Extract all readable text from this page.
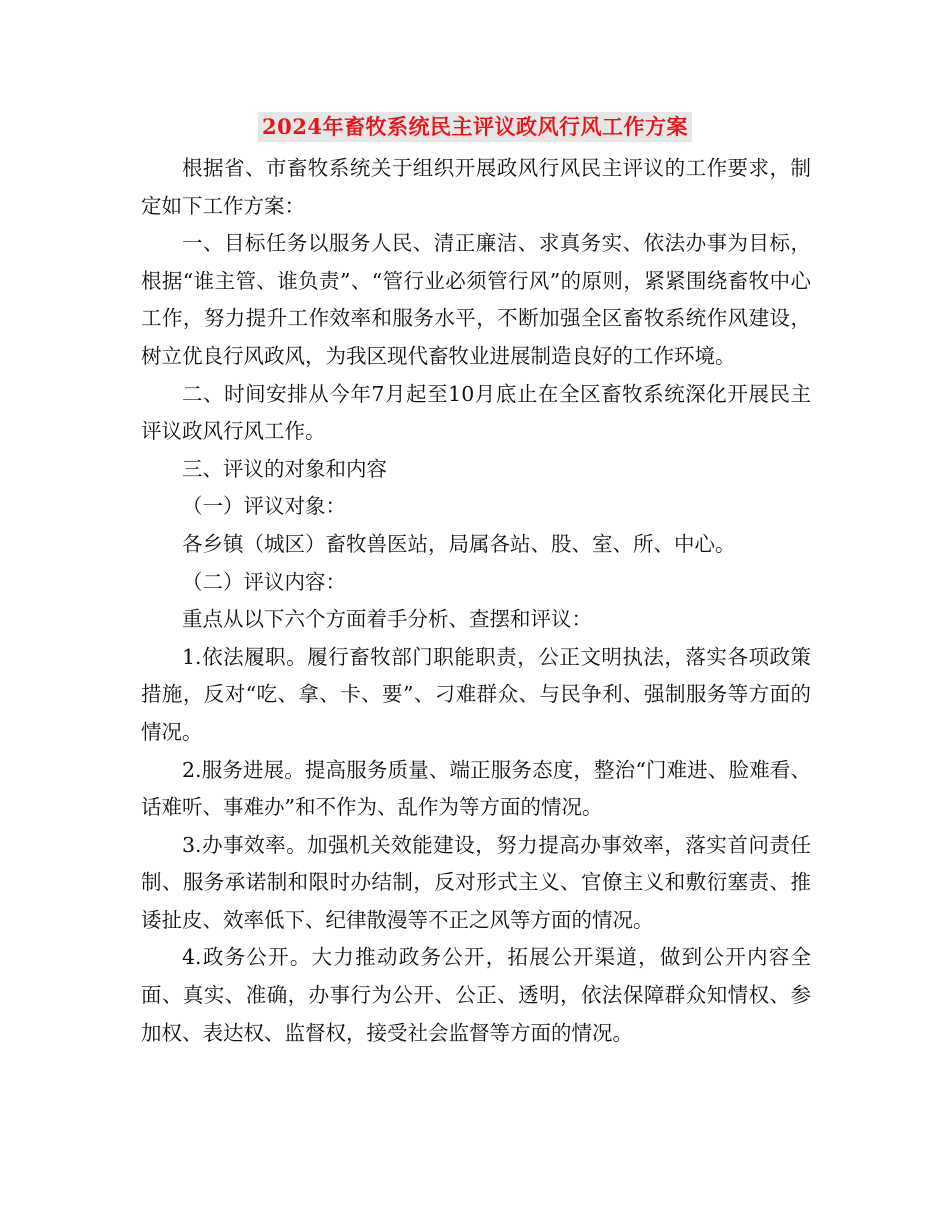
2024年畜牧系统民主评议政风行风工作方案

根据省、市畜牧系统关于组织开展政风行风民主评议的工作要求，制定如下工作方案：

一、目标任务以服务人民、清正廉洁、求真务实、依法办事为目标，根据“谁主管、谁负责”、“管行业必须管行风”的原则，紧紧围绕畜牧中心工作，努力提升工作效率和服务水平，不断加强全区畜牧系统作风建设，树立优良行风政风，为我区现代畜牧业进展制造良好的工作环境。

二、时间安排从今年7月起至10月底止在全区畜牧系统深化开展民主评议政风行风工作。

三、评议的对象和内容

（一）评议对象：

各乡镇（城区）畜牧兽医站，局属各站、股、室、所、中心。

（二）评议内容：

重点从以下六个方面着手分析、查摆和评议：

1.依法履职。履行畜牧部门职能职责，公正文明执法，落实各项政策措施，反对“吃、拿、卡、要”、刁难群众、与民争利、强制服务等方面的情况。

2.服务进展。提高服务质量、端正服务态度，整治“门难进、脸难看、话难听、事难办”和不作为、乱作为等方面的情况。

3.办事效率。加强机关效能建设，努力提高办事效率，落实首问责任制、服务承诺制和限时办结制，反对形式主义、官僚主义和敷衍塞责、推诿扯皮、效率低下、纪律散漫等不正之风等方面的情况。

4.政务公开。大力推动政务公开，拓展公开渠道，做到公开内容全面、真实、准确，办事行为公开、公正、透明，依法保障群众知情权、参加权、表达权、监督权，接受社会监督等方面的情况。
